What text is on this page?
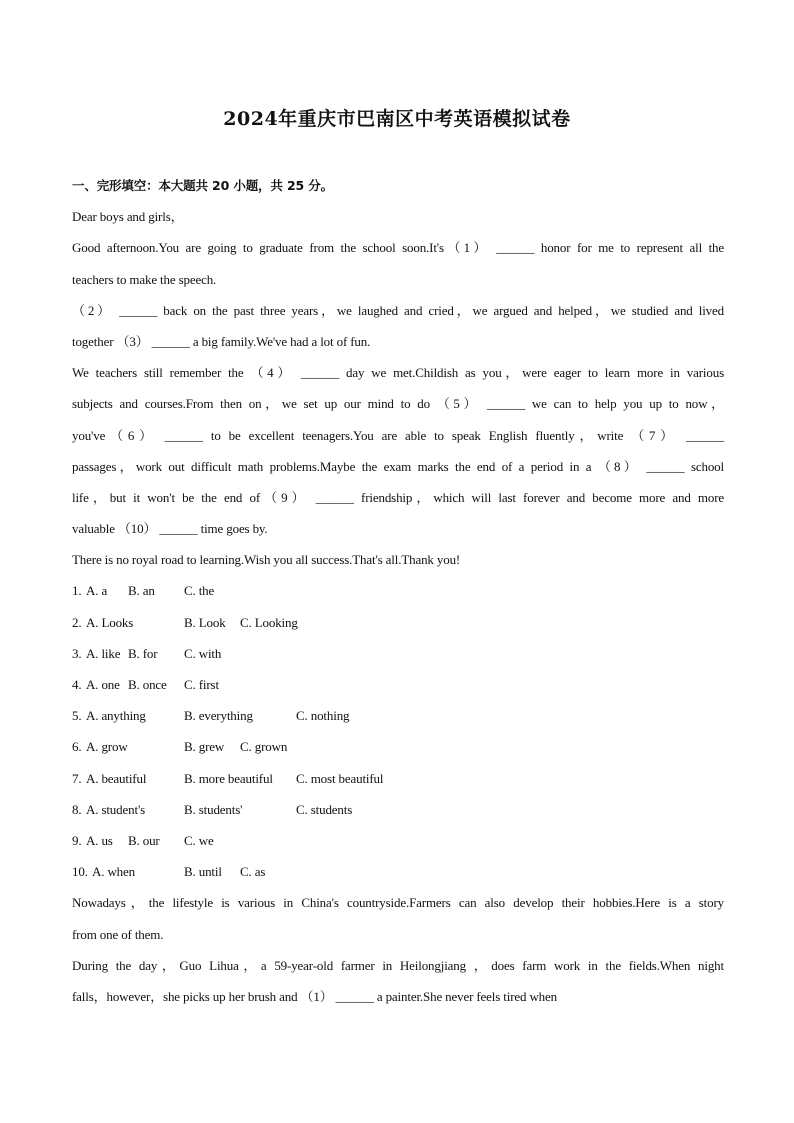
2024年重庆市巴南区中考英语模拟试卷
一、完形填空：本大题共 20 小题，共 25 分。
Dear boys and girls，
Good afternoon.You are going to graduate from the school soon.It's（1） ______ honor for me to represent all the
teachers to make the speech.
（2） ______ back on the past three years，we laughed and cried，we argued and helped，we studied and lived
together （3） ______ a big family.We've had a lot of fun.
We teachers still remember the （4） ______ day we met.Childish as you，were eager to learn more in various
subjects and courses.From then on，we set up our mind to do （5） ______ we can to help you up to now，
you've（6） ______ to be excellent teenagers.You are able to speak English fluently，write （7） ______
passages，work out difficult math problems.Maybe the exam marks the end of a period in a （8） ______ school
life，but it won't be the end of（9） ______ friendship，which will last forever and become more and more
valuable （10） ______ time goes by.
There is no royal road to learning.Wish you all success.That's all.Thank you!
1. A. a B. an C. the
2. A. Looks	B. Look C. Looking
3. A. like B. for C. with
4. A. one B. once C. first
5. A. anything	B. everything	C. nothing
6. A. grow	B. grew C. grown
7. A. beautiful	B. more beautiful C. most beautiful
8. A. student's	B. students'	C. students
9. A. us B. our C. we
10. A. when	B. until C. as
Nowadays，the lifestyle is various in China's countryside.Farmers can also develop their hobbies.Here is a story
from one of them.
During the day，Guo Lihua，a 59-year-old farmer in Heilongjiang ，does farm work in the fields.When night
falls，however，she picks up her brush and （1） ______ a painter.She never feels tired when
